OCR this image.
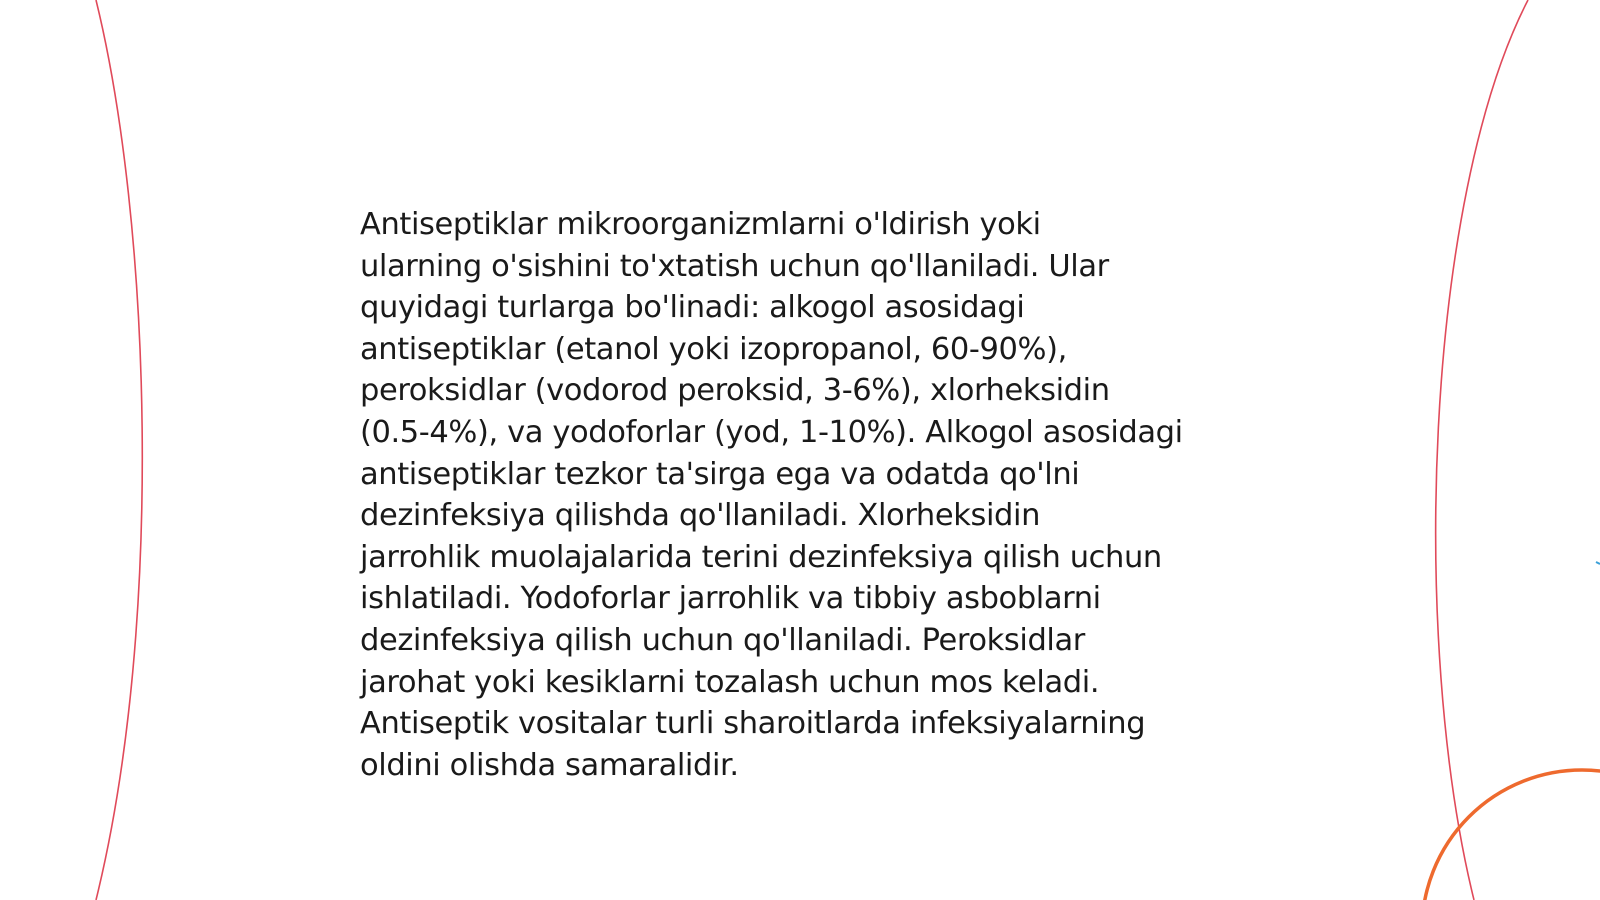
Antiseptiklar mikroorganizmlarni o'ldirish yoki
ularning o'sishini to'xtatish uchun qo'llaniladi. Ular
quyidagi turlarga bo'linadi: alkogol asosidagi
antiseptiklar (etanol yoki izopropanol, 60-90%),
peroksidlar (vodorod peroksid, 3-6%), xlorheksidin
(0.5-4%), va yodoforlar (yod, 1-10%). Alkogol asosidagi
antiseptiklar tezkor ta'sirga ega va odatda qo'lni
dezinfeksiya qilishda qo'llaniladi. Xlorheksidin
jarrohlik muolajalarida terini dezinfeksiya qilish uchun
ishlatiladi. Yodoforlar jarrohlik va tibbiy asboblarni
dezinfeksiya qilish uchun qo'llaniladi. Peroksidlar
jarohat yoki kesiklarni tozalash uchun mos keladi.
Antiseptik vositalar turli sharoitlarda infeksiyalarning
oldini olishda samaralidir.
